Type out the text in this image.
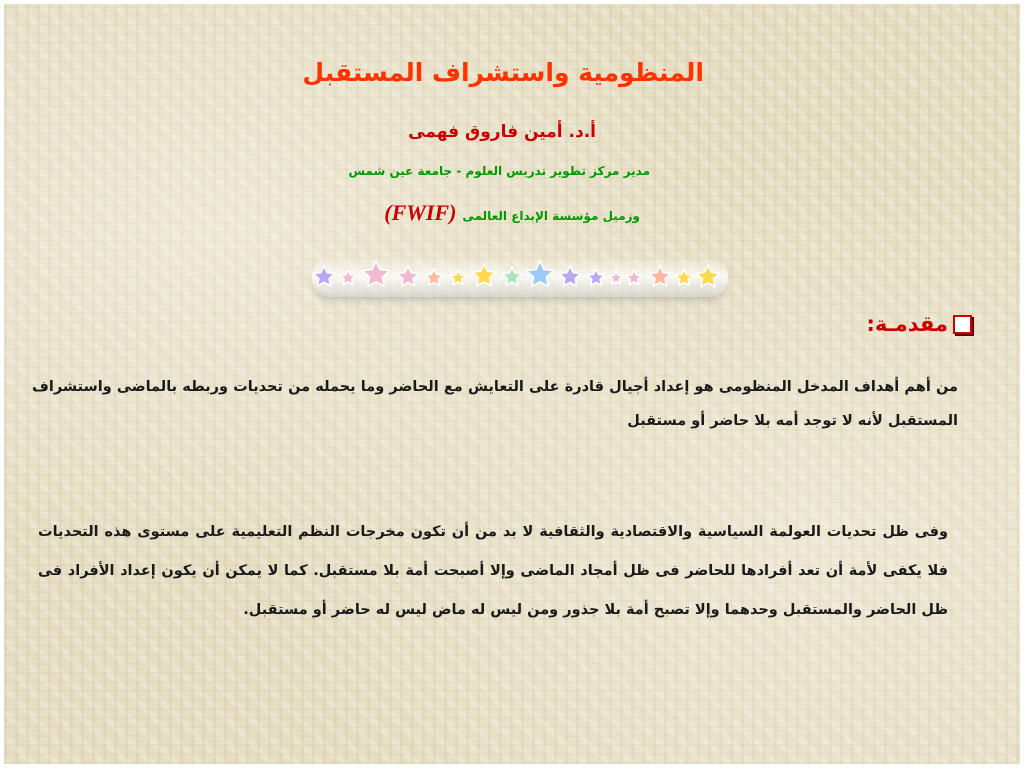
المنظومية واستشراف المستقبل
أ.د. أمين فاروق فهمى
مدير مركز تطوير تدريس العلوم - جامعة عين شمس
وزميل مؤسسة الإبداع العالمى(FWIF)
مقدمـة:

من أهم أهداف المدخل المنظومى هو إعداد أجيال قادرة على التعايش مع الحاضر وما يحمله من تحديات وربطه بالماضى واستشراف المستقبل لأنه لا توجد أمه بلا حاضر أو مستقبل

وفى ظل تحديات العولمة السياسية والاقتصادية والثقافية لا بد من أن تكون مخرجات النظم التعليمية على مستوى هذه التحديات فلا يكفى لأمة أن تعد أفرادها للحاضر فى ظل أمجاد الماضى وإلا أصبحت أمة بلا مستقبل. كما لا يمكن أن يكون إعداد الأفراد فى ظل الحاضر والمستقبل وحدهما وإلا تصبح أمة بلا جذور ومن ليس له ماض ليس له حاضر أو مستقبل.
